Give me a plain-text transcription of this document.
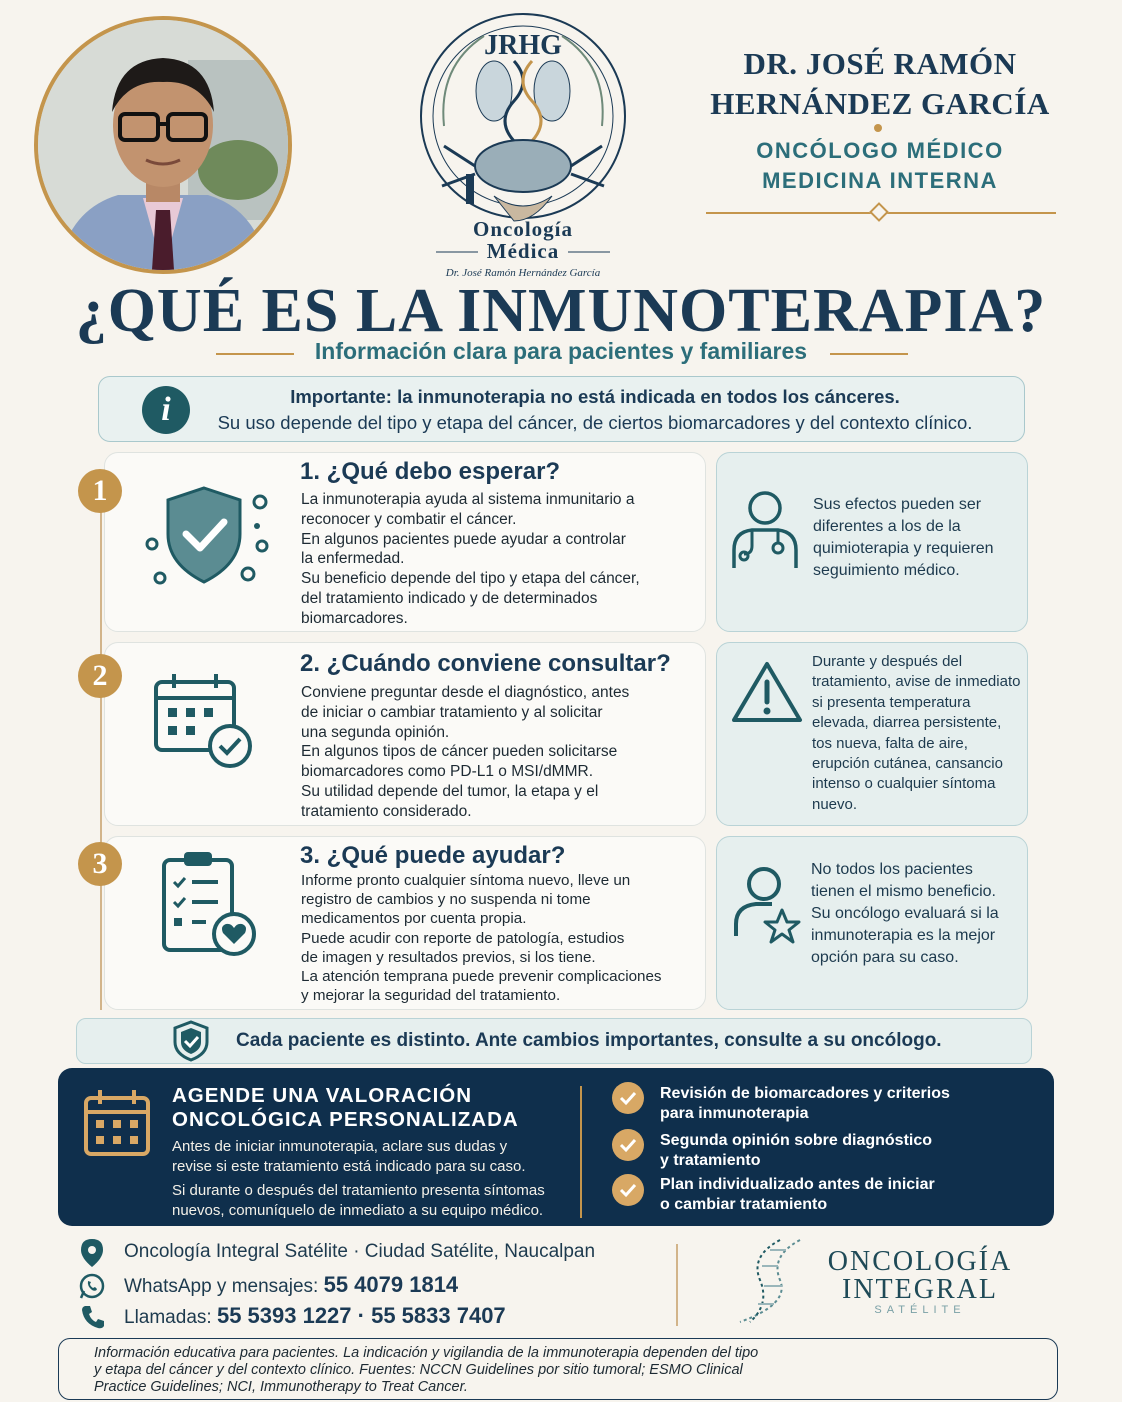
JRHG
Oncología
Médica
Dr. José Ramón Hernández García
DR. JOSÉ RAMÓN
HERNÁNDEZ GARCÍA
ONCÓLOGO MÉDICO
MEDICINA INTERNA
¿QUÉ ES LA INMUNOTERAPIA?
Información clara para pacientes y familiares
i	Importante: la inmunoterapia no está indicada en todos los cánceres.
Su uso depende del tipo y etapa del cáncer, de ciertos biomarcadores y del contexto clínico.
1
1. ¿Qué debo esperar?

La inmunoterapia ayuda al sistema inmunitario a

reconocer y combatir el cáncer.

En algunos pacientes puede ayudar a controlar

la enfermedad.

Su beneficio depende del tipo y etapa del cáncer,

del tratamiento indicado y de determinados

biomarcadores.

Sus efectos pueden ser
diferentes a los de la
quimioterapia y requieren
seguimiento médico.
2	2. ¿Cuándo conviene consultar?

Conviene preguntar desde el diagnóstico, antes

de iniciar o cambiar tratamiento y al solicitar

una segunda opinión.

En algunos tipos de cáncer pueden solicitarse

biomarcadores como PD-L1 o MSI/dMMR.

Su utilidad depende del tumor, la etapa y el

tratamiento considerado.

Durante y después del
tratamiento, avise de inmediato
si presenta temperatura
elevada, diarrea persistente,
tos nueva, falta de aire,
erupción cutánea, cansancio
intenso o cualquier síntoma
nuevo.
3	3. ¿Qué puede ayudar?

Informe pronto cualquier síntoma nuevo, lleve un

registro de cambios y no suspenda ni tome

medicamentos por cuenta propia.

Puede acudir con reporte de patología, estudios

de imagen y resultados previos, si los tiene.

La atención temprana puede prevenir complicaciones

y mejorar la seguridad del tratamiento.

No todos los pacientes
tienen el mismo beneficio.
Su oncólogo evaluará si la
inmunoterapia es la mejor
opción para su caso.
Cada paciente es distinto. Ante cambios importantes, consulte a su oncólogo.
AGENDE UNA VALORACIÓN
ONCOLÓGICA PERSONALIZADA
Antes de iniciar inmunoterapia, aclare sus dudas y
revise si este tratamiento está indicado para su caso.
Si durante o después del tratamiento presenta síntomas
nuevos, comuníquelo de inmediato a su equipo médico.
Revisión de biomarcadores y criterios
para inmunoterapia
Segunda opinión sobre diagnóstico
y tratamiento
Plan individualizado antes de iniciar
o cambiar tratamiento
Oncología Integral Satélite · Ciudad Satélite, Naucalpan
WhatsApp y mensajes: 55 4079 1814
Llamadas: 55 5393 1227 · 55 5833 7407
ONCOLOGÍA
INTEGRAL
SATÉLITE
Información educativa para pacientes. La indicación y vigilandia de la immunoterapia dependen del tipo
y etapa del cáncer y del contexto clínico. Fuentes: NCCN Guidelines por sitio tumoral; ESMO Clinical
Practice Guidelines; NCI, Immunotherapy to Treat Cancer.
